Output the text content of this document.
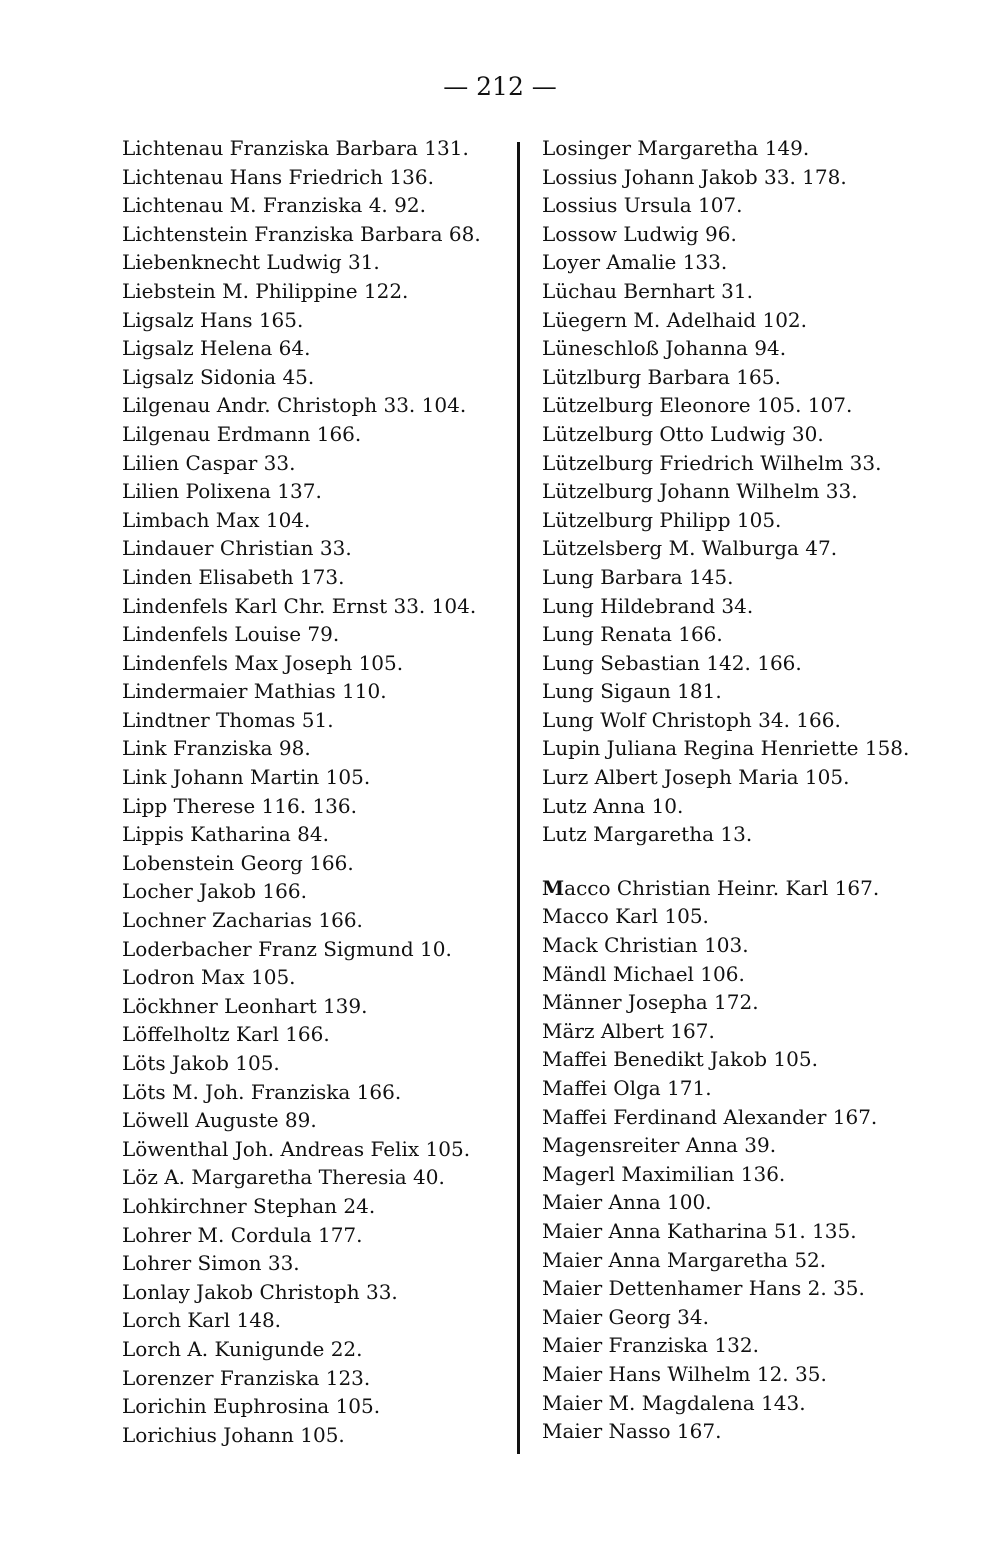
— 212 —
Lichtenau Franziska Barbara 131.
Lichtenau Hans Friedrich 136.
Lichtenau M. Franziska 4. 92.
Lichtenstein Franziska Barbara 68.
Liebenknecht Ludwig 31.
Liebstein M. Philippine 122.
Ligsalz Hans 165.
Ligsalz Helena 64.
Ligsalz Sidonia 45.
Lilgenau Andr. Christoph 33. 104.
Lilgenau Erdmann 166.
Lilien Caspar 33.
Lilien Polixena 137.
Limbach Max 104.
Lindauer Christian 33.
Linden Elisabeth 173.
Lindenfels Karl Chr. Ernst 33. 104.
Lindenfels Louise 79.
Lindenfels Max Joseph 105.
Lindermaier Mathias 110.
Lindtner Thomas 51.
Link Franziska 98.
Link Johann Martin 105.
Lipp Therese 116. 136.
Lippis Katharina 84.
Lobenstein Georg 166.
Locher Jakob 166.
Lochner Zacharias 166.
Loderbacher Franz Sigmund 10.
Lodron Max 105.
Löckhner Leonhart 139.
Löffelholtz Karl 166.
Löts Jakob 105.
Löts M. Joh. Franziska 166.
Löwell Auguste 89.
Löwenthal Joh. Andreas Felix 105.
Löz A. Margaretha Theresia 40.
Lohkirchner Stephan 24.
Lohrer M. Cordula 177.
Lohrer Simon 33.
Lonlay Jakob Christoph 33.
Lorch Karl 148.
Lorch A. Kunigunde 22.
Lorenzer Franziska 123.
Lorichin Euphrosina 105.
Lorichius Johann 105.
Losinger Margaretha 149.
Lossius Johann Jakob 33. 178.
Lossius Ursula 107.
Lossow Ludwig 96.
Loyer Amalie 133.
Lüchau Bernhart 31.
Lüegern M. Adelhaid 102.
Lüneschloß Johanna 94.
Lützlburg Barbara 165.
Lützelburg Eleonore 105. 107.
Lützelburg Otto Ludwig 30.
Lützelburg Friedrich Wilhelm 33.
Lützelburg Johann Wilhelm 33.
Lützelburg Philipp 105.
Lützelsberg M. Walburga 47.
Lung Barbara 145.
Lung Hildebrand 34.
Lung Renata 166.
Lung Sebastian 142. 166.
Lung Sigaun 181.
Lung Wolf Christoph 34. 166.
Lupin Juliana Regina Henriette 158.
Lurz Albert Joseph Maria 105.
Lutz Anna 10.
Lutz Margaretha 13.
Macco Christian Heinr. Karl 167.
Macco Karl 105.
Mack Christian 103.
Mändl Michael 106.
Männer Josepha 172.
März Albert 167.
Maffei Benedikt Jakob 105.
Maffei Olga 171.
Maffei Ferdinand Alexander 167.
Magensreiter Anna 39.
Magerl Maximilian 136.
Maier Anna 100.
Maier Anna Katharina 51. 135.
Maier Anna Margaretha 52.
Maier Dettenhamer Hans 2. 35.
Maier Georg 34.
Maier Franziska 132.
Maier Hans Wilhelm 12. 35.
Maier M. Magdalena 143.
Maier Nasso 167.
